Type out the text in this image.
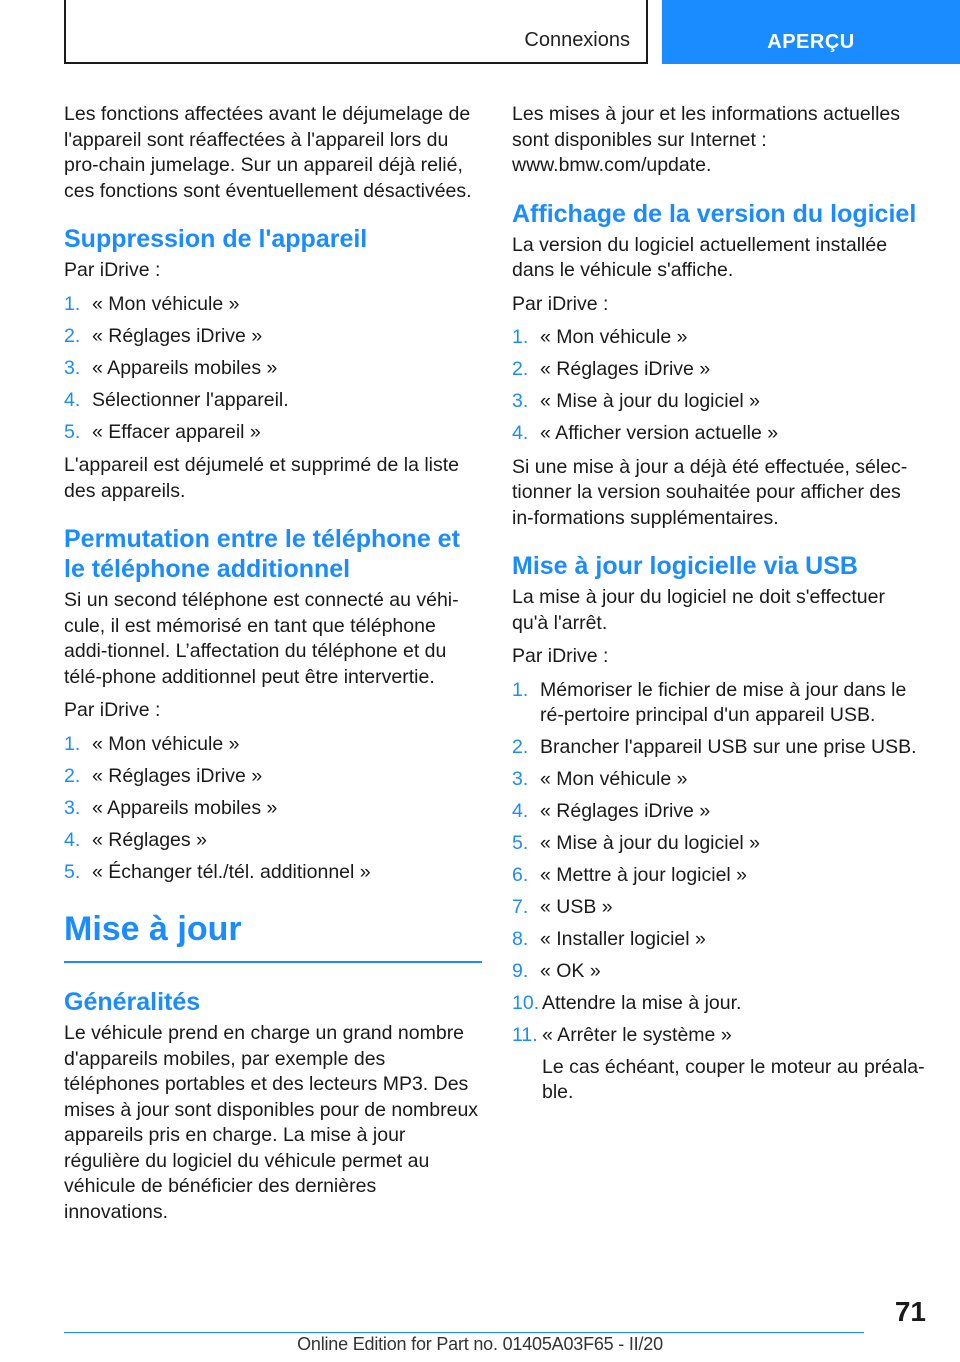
Connexions	APERÇU

Les fonctions affectées avant le déjumelage de l'appareil sont réaffectées à l'appareil lors du pro-chain jumelage. Sur un appareil déjà relié, ces fonctions sont éventuellement désactivées.

Suppression de l'appareil

Par iDrive :

1. « Mon véhicule »
2. « Réglages iDrive »
3. « Appareils mobiles »
4. Sélectionner l'appareil.
5. « Effacer appareil »

L'appareil est déjumelé et supprimé de la liste des appareils.

Permutation entre le téléphone et le téléphone additionnel

Si un second téléphone est connecté au véhi-cule, il est mémorisé en tant que téléphone addi-tionnel. L’affectation du téléphone et du télé-phone additionnel peut être intervertie.

Par iDrive :

1. « Mon véhicule »
2. « Réglages iDrive »
3. « Appareils mobiles »
4. « Réglages »
5. « Échanger tél./tél. additionnel »
Mise à jour
Généralités

Le véhicule prend en charge un grand nombre d'appareils mobiles, par exemple des téléphones portables et des lecteurs MP3. Des mises à jour sont disponibles pour de nombreux appareils pris en charge. La mise à jour régulière du logiciel du véhicule permet au véhicule de bénéficier des dernières innovations.

Les mises à jour et les informations actuelles sont disponibles sur Internet : www.bmw.com/update.

Affichage de la version du logiciel

La version du logiciel actuellement installée dans le véhicule s'affiche.

Par iDrive :

1. « Mon véhicule »
2. « Réglages iDrive »
3. « Mise à jour du logiciel »
4. « Afficher version actuelle »

Si une mise à jour a déjà été effectuée, sélec-tionner la version souhaitée pour afficher des in-formations supplémentaires.

Mise à jour logicielle via USB

La mise à jour du logiciel ne doit s'effectuer qu'à l'arrêt.

Par iDrive :

1. Mémoriser le fichier de mise à jour dans le ré-pertoire principal d'un appareil USB.
2. Brancher l'appareil USB sur une prise USB.
3. « Mon véhicule »
4. « Réglages iDrive »
5. « Mise à jour du logiciel »
6. « Mettre à jour logiciel »
7. « USB »
8. « Installer logiciel »
9. « OK »
10. Attendre la mise à jour.
11. « Arrêter le système »
Le cas échéant, couper le moteur au préala-ble.
71
Online Edition for Part no. 01405A03F65 - II/20
